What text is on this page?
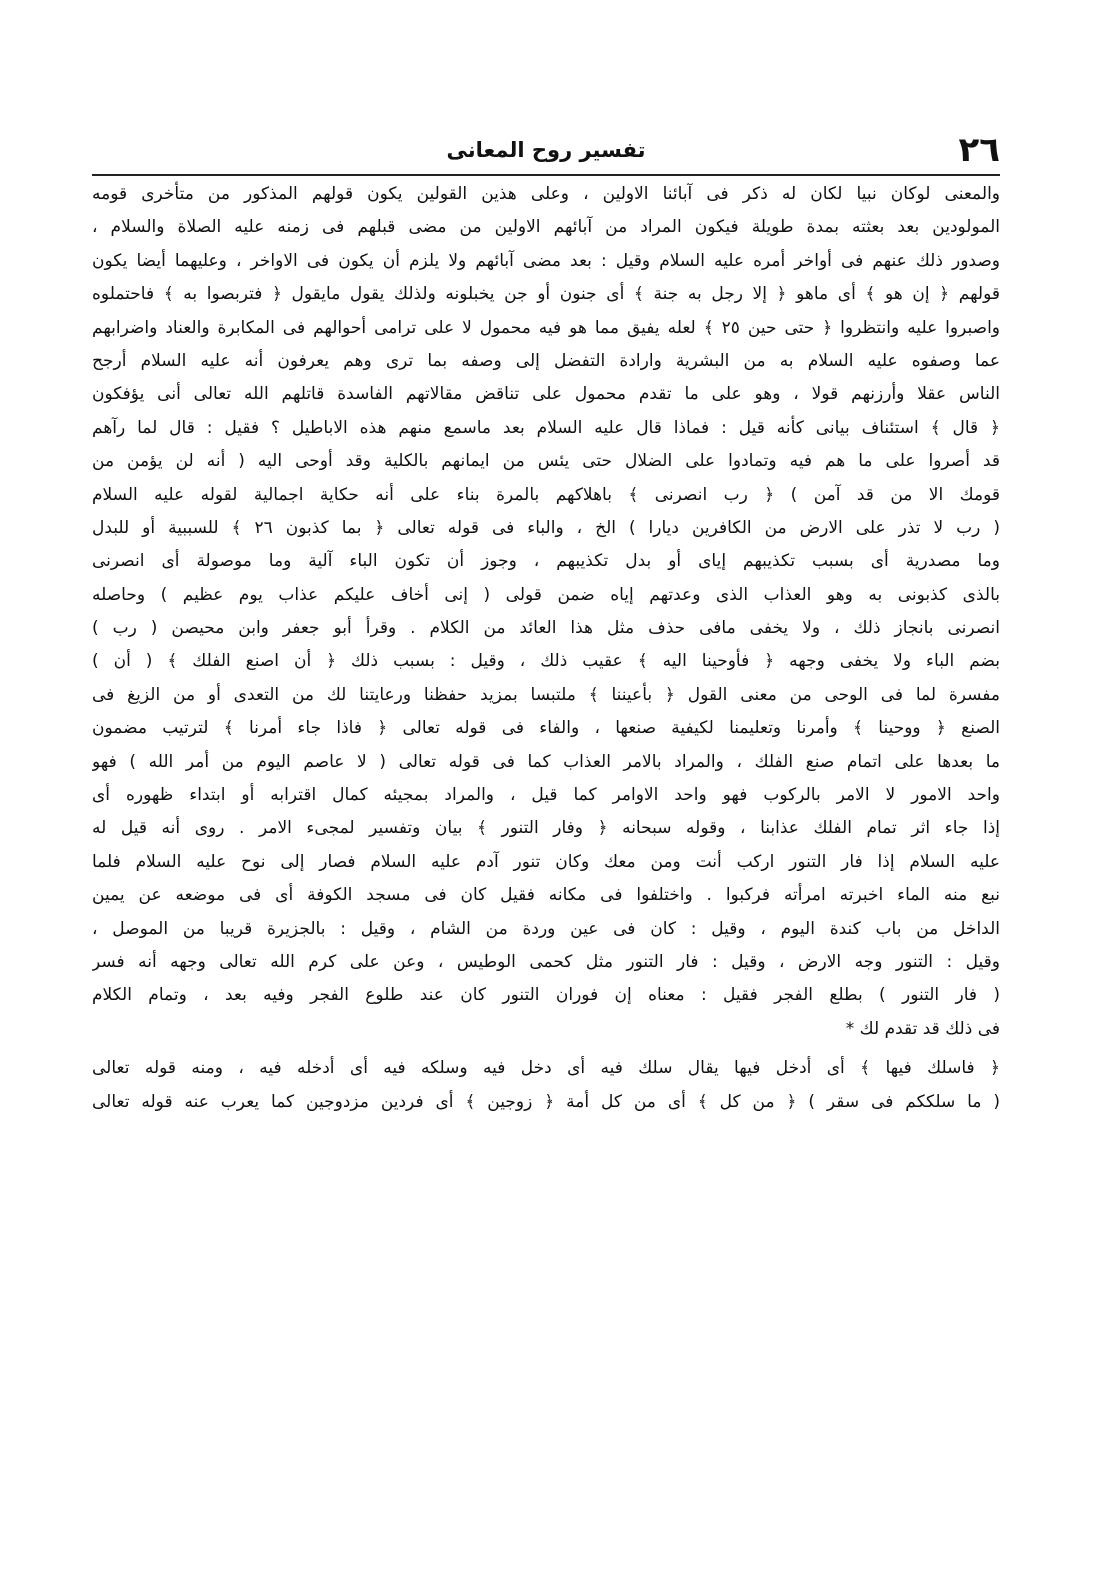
٢٦
تفسير روح المعانى
والمعنى لوكان نبيا لكان له ذكر فى آبائنا الاولين ، وعلى هذين القولين يكون قولهم المذكور من متأخرى قومه
المولودين بعد بعثته بمدة طويلة فيكون المراد من آبائهم الاولين من مضى قبلهم فى زمنه عليه الصلاة والسلام ،
وصدور ذلك عنهم فى أواخر أمره عليه السلام وقيل : بعد مضى آبائهم ولا يلزم أن يكون فى الاواخر ، وعليهما أيضا يكون
قولهم ﴿ إن هو ﴾ أى ماهو ﴿ إلا رجل به جنة ﴾ أى جنون أو جن يخبلونه ولذلك يقول مايقول ﴿ فتربصوا به ﴾ فاحتملوه
واصبروا عليه وانتظروا ﴿ حتى حين ٢٥ ﴾ لعله يفيق مما هو فيه محمول لا على ترامى أحوالهم فى المكابرة والعناد واضرابهم
عما وصفوه عليه السلام به من البشرية وارادة التفضل إلى وصفه بما ترى وهم يعرفون أنه عليه السلام أرجح
الناس عقلا وأرزنهم قولا ، وهو على ما تقدم محمول على تناقض مقالاتهم الفاسدة قاتلهم الله تعالى أنى يؤفكون
﴿ قال ﴾ استئناف بيانى كأنه قيل : فماذا قال عليه السلام بعد ماسمع منهم هذه الاباطيل ؟ فقيل : قال لما رآهم
قد أصروا على ما هم فيه وتمادوا على الضلال حتى يئس من ايمانهم بالكلية وقد أوحى اليه ( أنه لن يؤمن من
قومك الا من قد آمن ) ﴿ رب انصرنى ﴾ باهلاكهم بالمرة بناء على أنه حكاية اجمالية لقوله عليه السلام
( رب لا تذر على الارض من الكافرين ديارا ) الخ ، والباء فى قوله تعالى ﴿ بما كذبون ٢٦ ﴾ للسببية أو للبدل
وما مصدرية أى بسبب تكذيبهم إياى أو بدل تكذيبهم ، وجوز أن تكون الباء آلية وما موصولة أى انصرنى
بالذى كذبونى به وهو العذاب الذى وعدتهم إياه ضمن قولى ( إنى أخاف عليكم عذاب يوم عظيم ) وحاصله
انصرنى بانجاز ذلك ، ولا يخفى مافى حذف مثل هذا العائد من الكلام . وقرأ أبو جعفر وابن محيصن ( رب )
بضم الباء ولا يخفى وجهه ﴿ فأوحينا اليه ﴾ عقيب ذلك ، وقيل : بسبب ذلك ﴿ أن اصنع الفلك ﴾ ( أن )
مفسرة لما فى الوحى من معنى القول ﴿ بأعيننا ﴾ ملتبسا بمزيد حفظنا ورعايتنا لك من التعدى أو من الزيغ فى
الصنع ﴿ ووحينا ﴾ وأمرنا وتعليمنا لكيفية صنعها ، والفاء فى قوله تعالى ﴿ فاذا جاء أمرنا ﴾ لترتيب مضمون
ما بعدها على اتمام صنع الفلك ، والمراد بالامر العذاب كما فى قوله تعالى ( لا عاصم اليوم من أمر الله ) فهو
واحد الامور لا الامر بالركوب فهو واحد الاوامر كما قيل ، والمراد بمجيئه كمال اقترابه أو ابتداء ظهوره أى
إذا جاء اثر تمام الفلك عذابنا ، وقوله سبحانه ﴿ وفار التنور ﴾ بيان وتفسير لمجىء الامر . روى أنه قيل له
عليه السلام إذا فار التنور اركب أنت ومن معك وكان تنور آدم عليه السلام فصار إلى نوح عليه السلام فلما
نبع منه الماء اخبرته امرأته فركبوا . واختلفوا فى مكانه فقيل كان فى مسجد الكوفة أى فى موضعه عن يمين
الداخل من باب كندة اليوم ، وقيل : كان فى عين وردة من الشام ، وقيل : بالجزيرة قريبا من الموصل ،
وقيل : التنور وجه الارض ، وقيل : فار التنور مثل كحمى الوطيس ، وعن على كرم الله تعالى وجهه أنه فسر
( فار التنور ) بطلع الفجر فقيل : معناه إن فوران التنور كان عند طلوع الفجر وفيه بعد ، وتمام الكلام
فى ذلك قد تقدم لك *
﴿ فاسلك فيها ﴾ أى أدخل فيها يقال سلك فيه أى دخل فيه وسلكه فيه أى أدخله فيه ، ومنه قوله تعالى
( ما سلككم فى سقر ) ﴿ من كل ﴾ أى من كل أمة ﴿ زوجين ﴾ أى فردين مزدوجين كما يعرب عنه قوله تعالى
